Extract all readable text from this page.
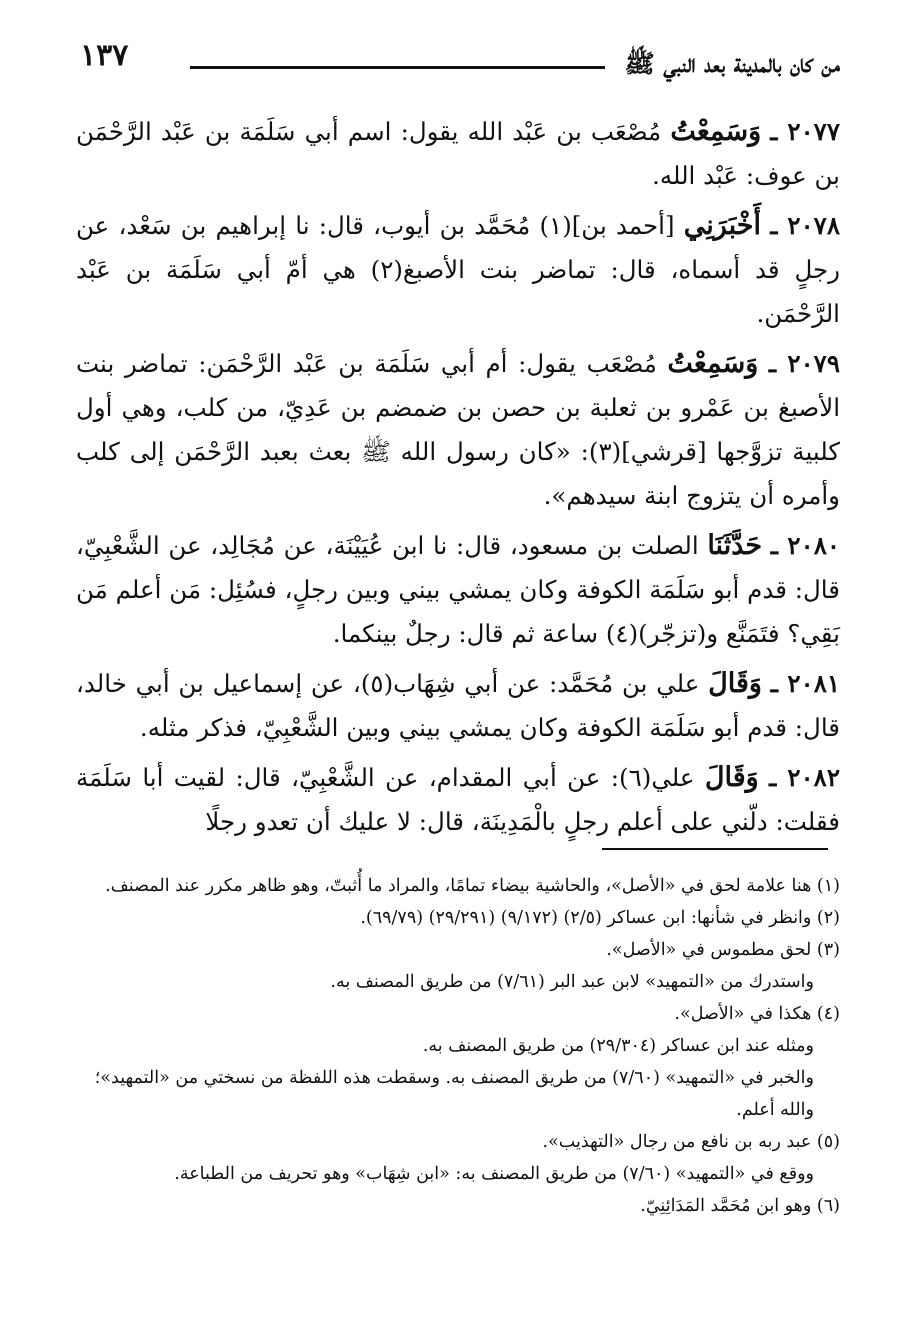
من كان بالمدينة بعد النبي ﷺ
١٣٧

٢٠٧٧ ـ وَسَمِعْتُ مُصْعَب بن عَبْد الله يقول: اسم أبي سَلَمَة بن عَبْد الرَّحْمَن بن عوف: عَبْد الله.

٢٠٧٨ ـ أَخْبَرَنِي [أحمد بن](١) مُحَمَّد بن أيوب، قال: نا إبراهيم بن سَعْد، عن رجلٍ قد أسماه، قال: تماضر بنت الأصبغ(٢) هي أمّ أبي سَلَمَة بن عَبْد الرَّحْمَن.

٢٠٧٩ ـ وَسَمِعْتُ مُصْعَب يقول: أم أبي سَلَمَة بن عَبْد الرَّحْمَن: تماضر بنت الأصبغ بن عَمْرو بن ثعلبة بن حصن بن ضمضم بن عَدِيّ، من كلب، وهي أول كلبية تزوَّجها [قرشي](٣): «كان رسول الله ﷺ بعث بعبد الرَّحْمَن إلى كلب وأمره أن يتزوج ابنة سيدهم».

٢٠٨٠ ـ حَدَّثَنَا الصلت بن مسعود، قال: نا ابن عُيَيْنَة، عن مُجَالِد، عن الشَّعْبِيّ، قال: قدم أبو سَلَمَة الكوفة وكان يمشي بيني وبين رجلٍ، فسُئِل: مَن أعلم مَن بَقِي؟ فتَمَنَّع و(تزجّر)(٤) ساعة ثم قال: رجلٌ بينكما.

٢٠٨١ ـ وَقَالَ علي بن مُحَمَّد: عن أبي شِهَاب(٥)، عن إسماعيل بن أبي خالد، قال: قدم أبو سَلَمَة الكوفة وكان يمشي بيني وبين الشَّعْبِيّ، فذكر مثله.

٢٠٨٢ ـ وَقَالَ علي(٦): عن أبي المقدام، عن الشَّعْبِيّ، قال: لقيت أبا سَلَمَة فقلت: دلّني على أعلم رجلٍ بالْمَدِينَة، قال: لا عليك أن تعدو رجلًا

(١) هنا علامة لحق في «الأصل»، والحاشية بيضاء تمامًا، والمراد ما أُثبتّ، وهو ظاهر مكرر عند المصنف.

(٢) وانظر في شأنها: ابن عساكر (٢/٥) (٩/١٧٢) (٢٩/٢٩١) (٦٩/٧٩).

(٣) لحق مطموس في «الأصل».

واستدرك من «التمهيد» لابن عبد البر (٧/٦١) من طريق المصنف به.

(٤) هكذا في «الأصل».

ومثله عند ابن عساكر (٢٩/٣٠٤) من طريق المصنف به.

والخبر في «التمهيد» (٧/٦٠) من طريق المصنف به. وسقطت هذه اللفظة من نسختي من «التمهيد»؛ والله أعلم.

(٥) عبد ربه بن نافع من رجال «التهذيب».

ووقع في «التمهيد» (٧/٦٠) من طريق المصنف به: «ابن شِهَاب» وهو تحريف من الطباعة.

(٦) وهو ابن مُحَمَّد المَدَائِنِيّ.
